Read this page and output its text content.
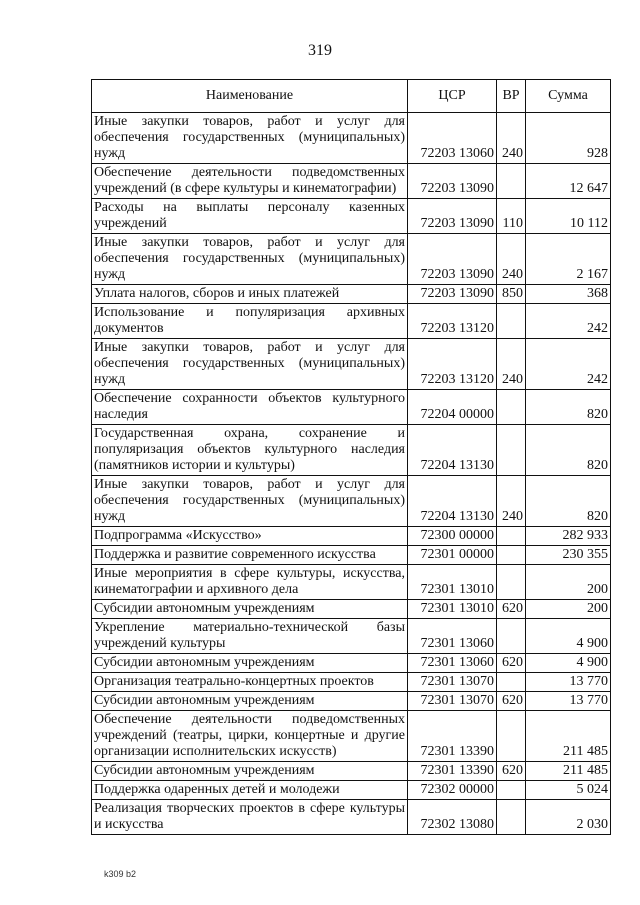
319
Наименование	ЦСР	ВР	Сумма
Иные закупки товаров, работ и услуг для обеспечения государственных (муниципальных) нужд	72203 13060	240	928
Обеспечение деятельности подведомственных учреждений (в сфере культуры и кинематографии)	72203 13090		12 647
Расходы на выплаты персоналу казенных учреждений	72203 13090	110	10 112
Иные закупки товаров, работ и услуг для обеспечения государственных (муниципальных) нужд	72203 13090	240	2 167
Уплата налогов, сборов и иных платежей	72203 13090	850	368
Использование и популяризация архивных документов	72203 13120		242
Иные закупки товаров, работ и услуг для обеспечения государственных (муниципальных) нужд	72203 13120	240	242
Обеспечение сохранности объектов культурного наследия	72204 00000		820
Государственная охрана, сохранение и популяризация объектов культурного наследия (памятников истории и культуры)	72204 13130		820
Иные закупки товаров, работ и услуг для обеспечения государственных (муниципальных) нужд	72204 13130	240	820
Подпрограмма «Искусство»	72300 00000		282 933
Поддержка и развитие современного искусства	72301 00000		230 355
Иные мероприятия в сфере культуры, искусства, кинематографии и архивного дела	72301 13010		200
Субсидии автономным учреждениям	72301 13010	620	200
Укрепление материально-технической базы учреждений культуры	72301 13060		4 900
Субсидии автономным учреждениям	72301 13060	620	4 900
Организация театрально-концертных проектов	72301 13070		13 770
Субсидии автономным учреждениям	72301 13070	620	13 770
Обеспечение деятельности подведомственных учреждений (театры, цирки, концертные и другие организации исполнительских искусств)	72301 13390		211 485
Субсидии автономным учреждениям	72301 13390	620	211 485
Поддержка одаренных детей и молодежи	72302 00000		5 024
Реализация творческих проектов в сфере культуры и искусства	72302 13080		2 030
k309 b2
